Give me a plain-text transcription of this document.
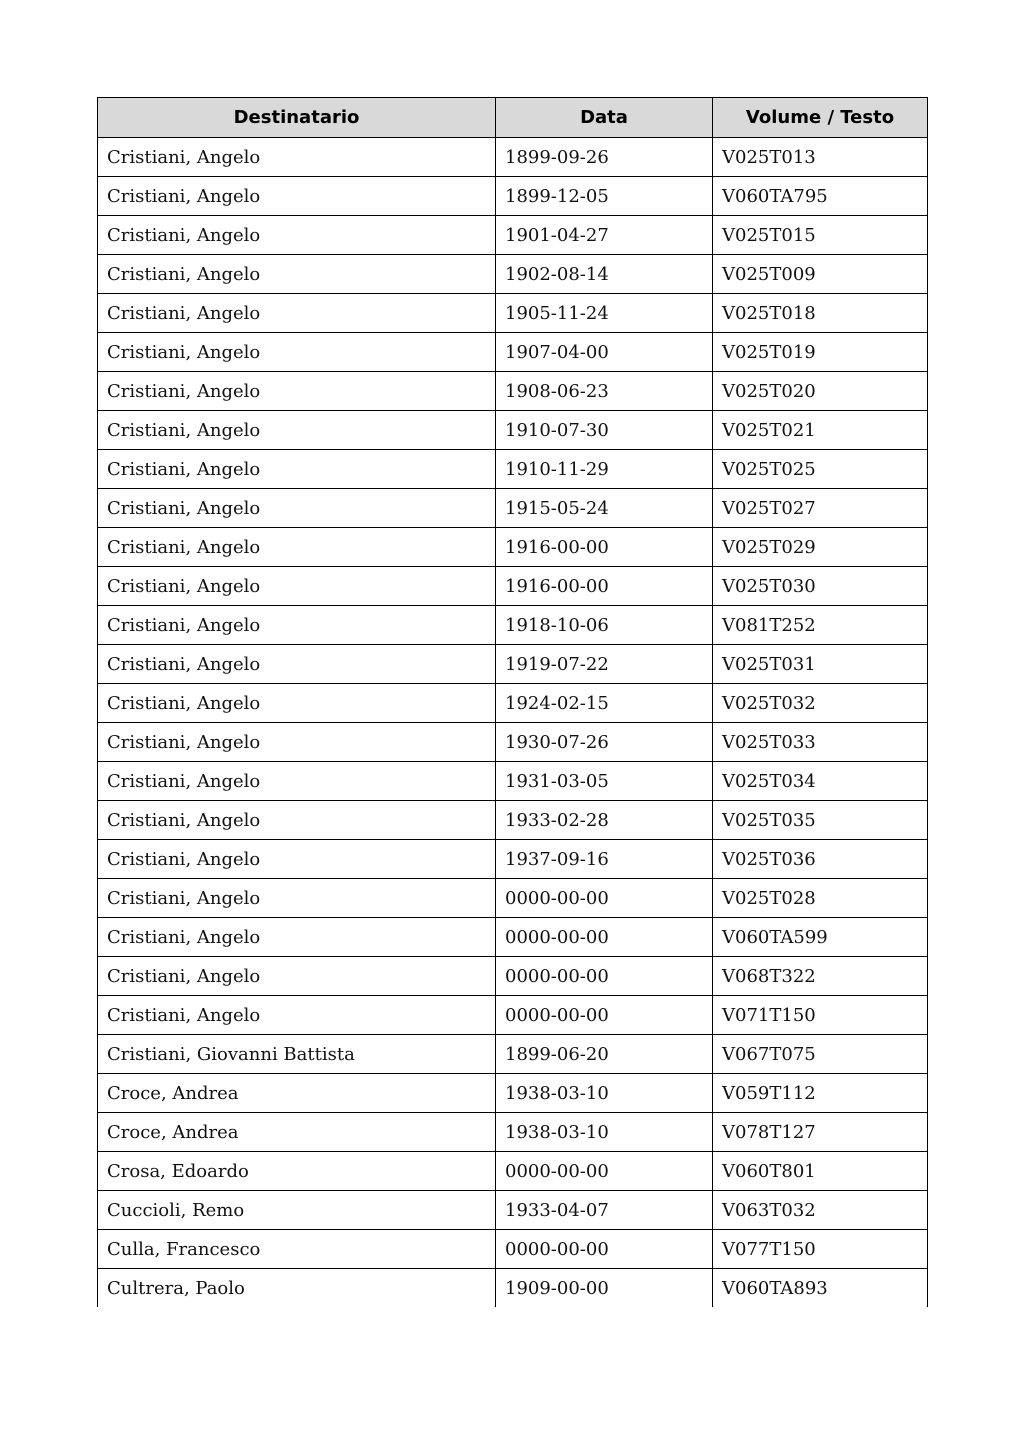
Destinatario	Data	Volume / Testo
Cristiani, Angelo	1899-09-26	V025T013
Cristiani, Angelo	1899-12-05	V060TA795
Cristiani, Angelo	1901-04-27	V025T015
Cristiani, Angelo	1902-08-14	V025T009
Cristiani, Angelo	1905-11-24	V025T018
Cristiani, Angelo	1907-04-00	V025T019
Cristiani, Angelo	1908-06-23	V025T020
Cristiani, Angelo	1910-07-30	V025T021
Cristiani, Angelo	1910-11-29	V025T025
Cristiani, Angelo	1915-05-24	V025T027
Cristiani, Angelo	1916-00-00	V025T029
Cristiani, Angelo	1916-00-00	V025T030
Cristiani, Angelo	1918-10-06	V081T252
Cristiani, Angelo	1919-07-22	V025T031
Cristiani, Angelo	1924-02-15	V025T032
Cristiani, Angelo	1930-07-26	V025T033
Cristiani, Angelo	1931-03-05	V025T034
Cristiani, Angelo	1933-02-28	V025T035
Cristiani, Angelo	1937-09-16	V025T036
Cristiani, Angelo	0000-00-00	V025T028
Cristiani, Angelo	0000-00-00	V060TA599
Cristiani, Angelo	0000-00-00	V068T322
Cristiani, Angelo	0000-00-00	V071T150
Cristiani, Giovanni Battista	1899-06-20	V067T075
Croce, Andrea	1938-03-10	V059T112
Croce, Andrea	1938-03-10	V078T127
Crosa, Edoardo	0000-00-00	V060T801
Cuccioli, Remo	1933-04-07	V063T032
Culla, Francesco	0000-00-00	V077T150
Cultrera, Paolo	1909-00-00	V060TA893
